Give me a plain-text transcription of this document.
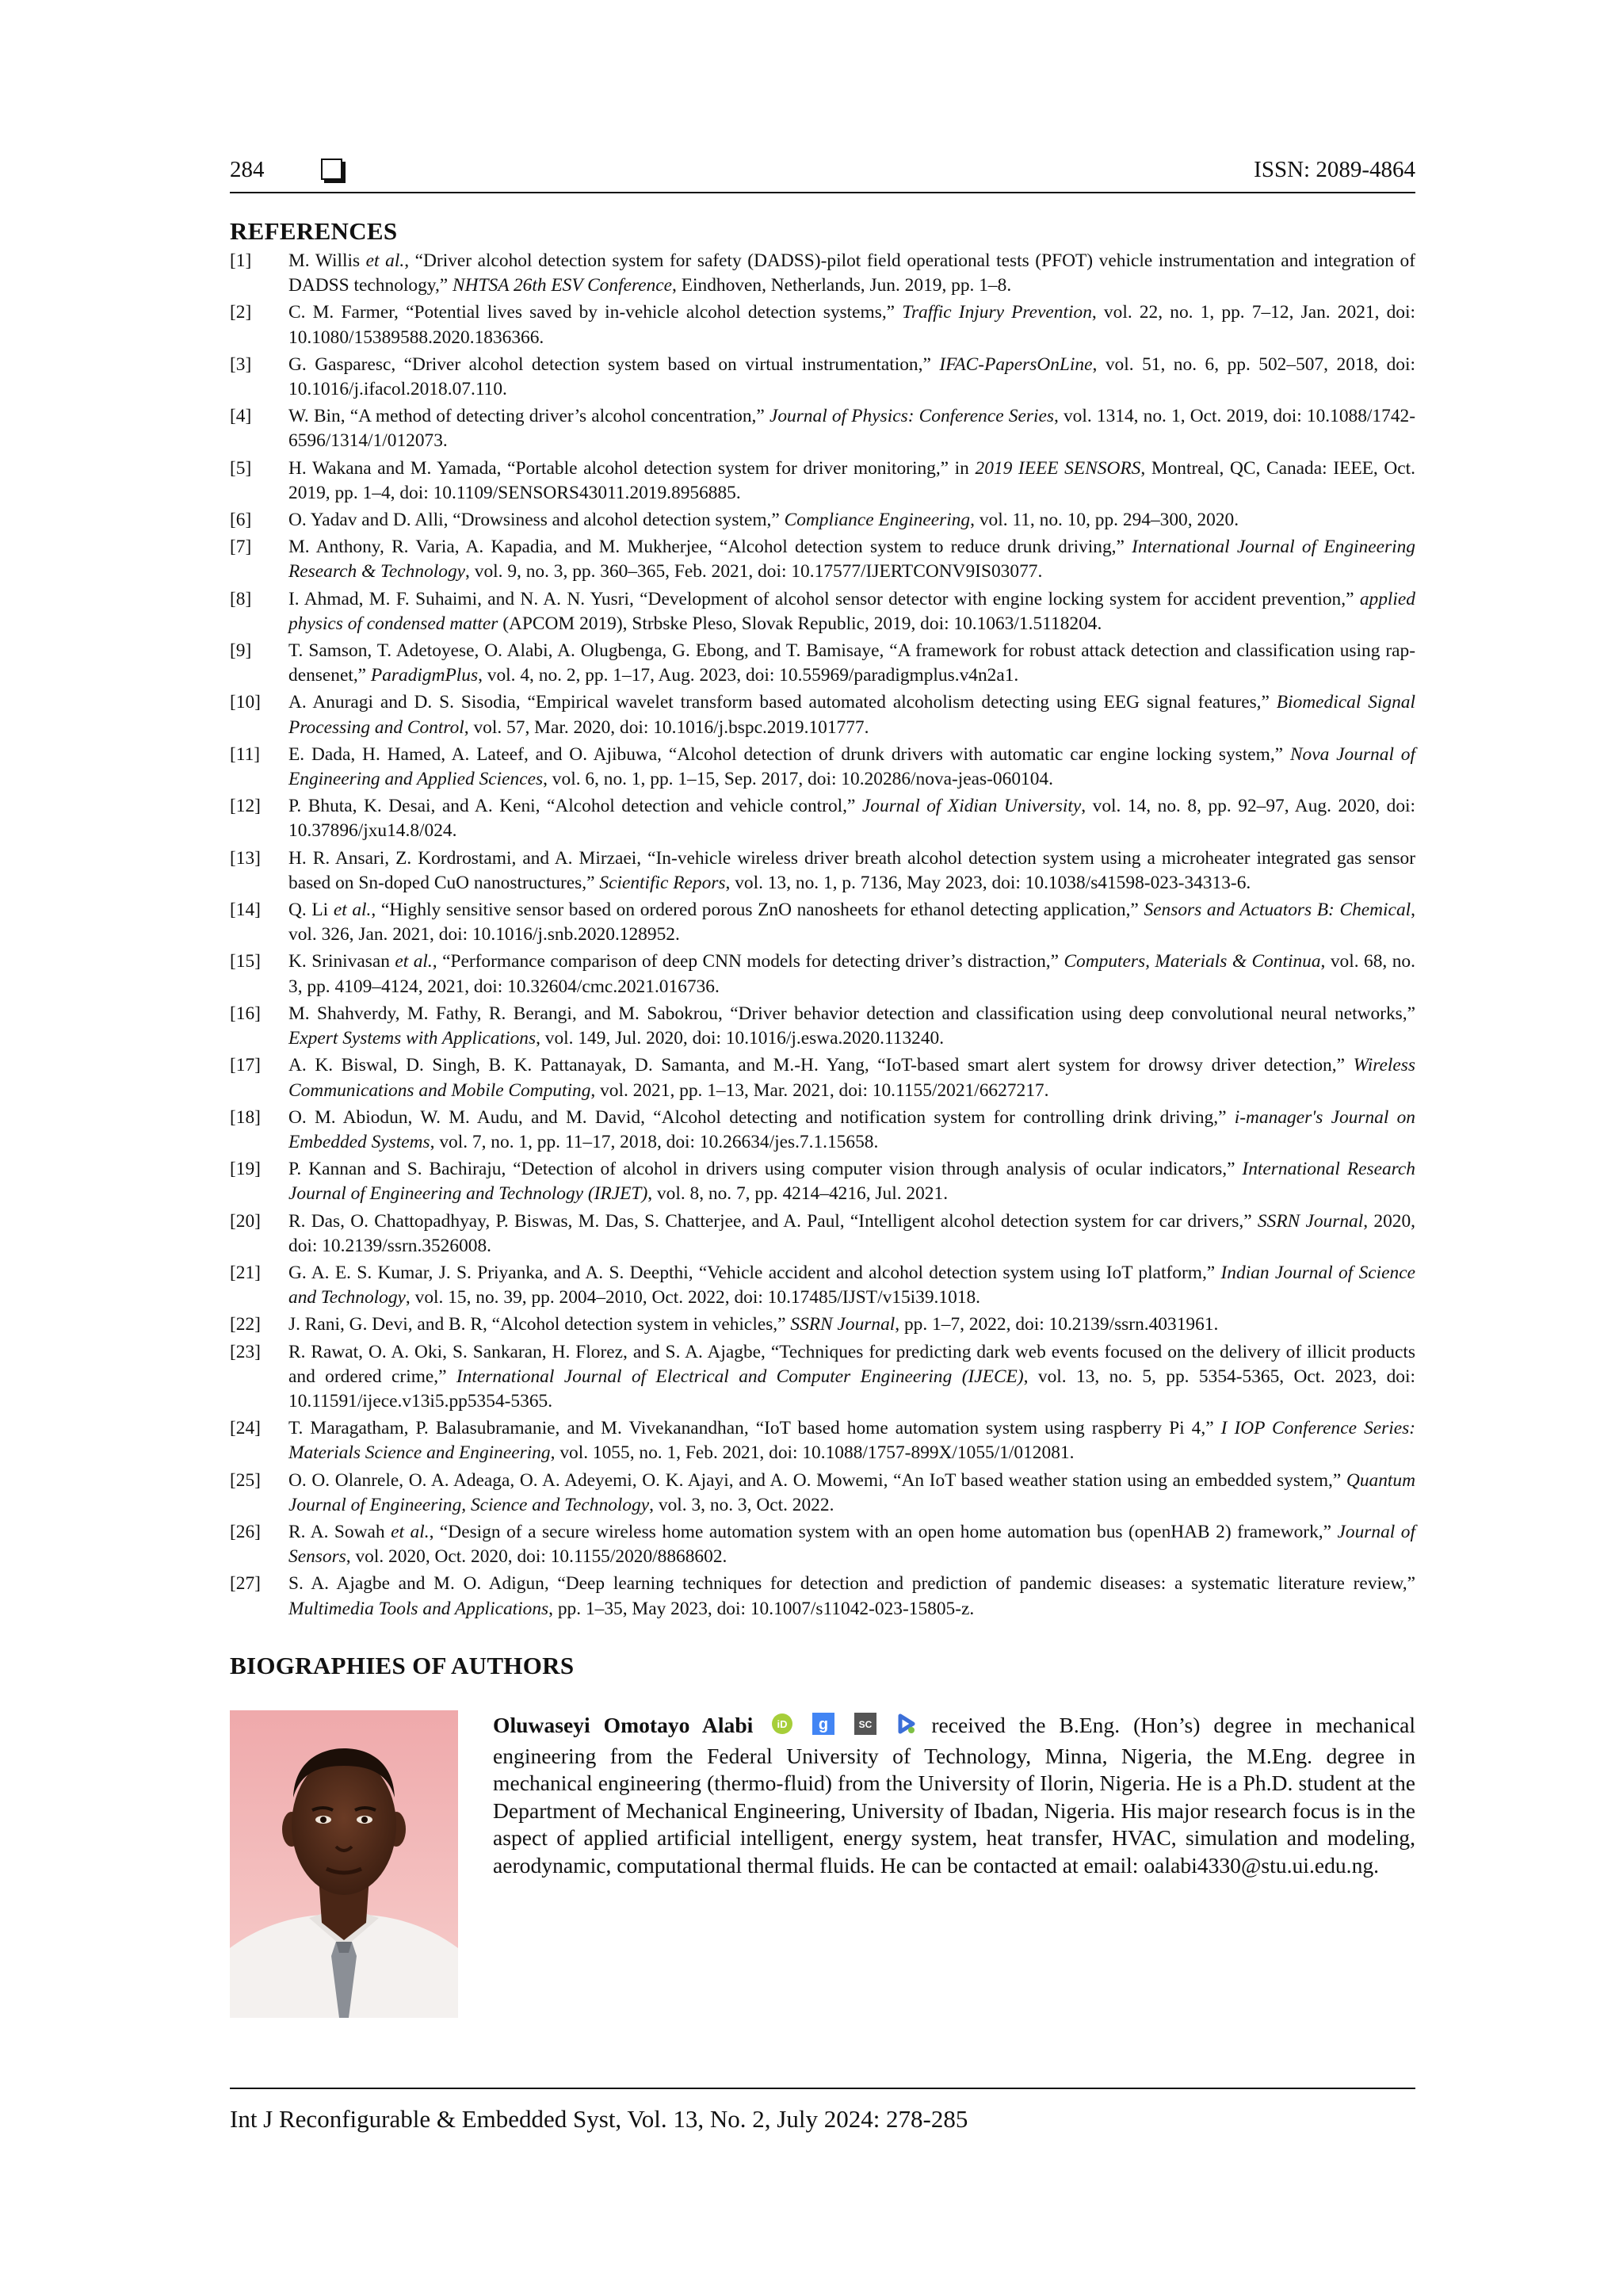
284	ISSN: 2089-4864
REFERENCES
[1] M. Willis et al., “Driver alcohol detection system for safety (DADSS)-pilot field operational tests (PFOT) vehicle instrumentation and integration of DADSS technology,” NHTSA 26th ESV Conference, Eindhoven, Netherlands, Jun. 2019, pp. 1–8.
[2] C. M. Farmer, “Potential lives saved by in-vehicle alcohol detection systems,” Traffic Injury Prevention, vol. 22, no. 1, pp. 7–12, Jan. 2021, doi: 10.1080/15389588.2020.1836366.
[3] G. Gasparesc, “Driver alcohol detection system based on virtual instrumentation,” IFAC-PapersOnLine, vol. 51, no. 6, pp. 502–507, 2018, doi: 10.1016/j.ifacol.2018.07.110.
[4] W. Bin, “A method of detecting driver’s alcohol concentration,” Journal of Physics: Conference Series, vol. 1314, no. 1, Oct. 2019, doi: 10.1088/1742-6596/1314/1/012073.
[5] H. Wakana and M. Yamada, “Portable alcohol detection system for driver monitoring,” in 2019 IEEE SENSORS, Montreal, QC, Canada: IEEE, Oct. 2019, pp. 1–4, doi: 10.1109/SENSORS43011.2019.8956885.
[6] O. Yadav and D. Alli, “Drowsiness and alcohol detection system,” Compliance Engineering, vol. 11, no. 10, pp. 294–300, 2020.
[7] M. Anthony, R. Varia, A. Kapadia, and M. Mukherjee, “Alcohol detection system to reduce drunk driving,” International Journal of Engineering Research & Technology, vol. 9, no. 3, pp. 360–365, Feb. 2021, doi: 10.17577/IJERTCONV9IS03077.
[8] I. Ahmad, M. F. Suhaimi, and N. A. N. Yusri, “Development of alcohol sensor detector with engine locking system for accident prevention,” applied physics of condensed matter (APCOM 2019), Strbske Pleso, Slovak Republic, 2019, doi: 10.1063/1.5118204.
[9] T. Samson, T. Adetoyese, O. Alabi, A. Olugbenga, G. Ebong, and T. Bamisaye, “A framework for robust attack detection and classification using rap-densenet,” ParadigmPlus, vol. 4, no. 2, pp. 1–17, Aug. 2023, doi: 10.55969/paradigmplus.v4n2a1.
[10] A. Anuragi and D. S. Sisodia, “Empirical wavelet transform based automated alcoholism detecting using EEG signal features,” Biomedical Signal Processing and Control, vol. 57, Mar. 2020, doi: 10.1016/j.bspc.2019.101777.
[11] E. Dada, H. Hamed, A. Lateef, and O. Ajibuwa, “Alcohol detection of drunk drivers with automatic car engine locking system,” Nova Journal of Engineering and Applied Sciences, vol. 6, no. 1, pp. 1–15, Sep. 2017, doi: 10.20286/nova-jeas-060104.
[12] P. Bhuta, K. Desai, and A. Keni, “Alcohol detection and vehicle control,” Journal of Xidian University, vol. 14, no. 8, pp. 92–97, Aug. 2020, doi: 10.37896/jxu14.8/024.
[13] H. R. Ansari, Z. Kordrostami, and A. Mirzaei, “In-vehicle wireless driver breath alcohol detection system using a microheater integrated gas sensor based on Sn-doped CuO nanostructures,” Scientific Repors, vol. 13, no. 1, p. 7136, May 2023, doi: 10.1038/s41598-023-34313-6.
[14] Q. Li et al., “Highly sensitive sensor based on ordered porous ZnO nanosheets for ethanol detecting application,” Sensors and Actuators B: Chemical, vol. 326, Jan. 2021, doi: 10.1016/j.snb.2020.128952.
[15] K. Srinivasan et al., “Performance comparison of deep CNN models for detecting driver’s distraction,” Computers, Materials & Continua, vol. 68, no. 3, pp. 4109–4124, 2021, doi: 10.32604/cmc.2021.016736.
[16] M. Shahverdy, M. Fathy, R. Berangi, and M. Sabokrou, “Driver behavior detection and classification using deep convolutional neural networks,” Expert Systems with Applications, vol. 149, Jul. 2020, doi: 10.1016/j.eswa.2020.113240.
[17] A. K. Biswal, D. Singh, B. K. Pattanayak, D. Samanta, and M.-H. Yang, “IoT-based smart alert system for drowsy driver detection,” Wireless Communications and Mobile Computing, vol. 2021, pp. 1–13, Mar. 2021, doi: 10.1155/2021/6627217.
[18] O. M. Abiodun, W. M. Audu, and M. David, “Alcohol detecting and notification system for controlling drink driving,” i-manager's Journal on Embedded Systems, vol. 7, no. 1, pp. 11–17, 2018, doi: 10.26634/jes.7.1.15658.
[19] P. Kannan and S. Bachiraju, “Detection of alcohol in drivers using computer vision through analysis of ocular indicators,” International Research Journal of Engineering and Technology (IRJET), vol. 8, no. 7, pp. 4214–4216, Jul. 2021.
[20] R. Das, O. Chattopadhyay, P. Biswas, M. Das, S. Chatterjee, and A. Paul, “Intelligent alcohol detection system for car drivers,” SSRN Journal, 2020, doi: 10.2139/ssrn.3526008.
[21] G. A. E. S. Kumar, J. S. Priyanka, and A. S. Deepthi, “Vehicle accident and alcohol detection system using IoT platform,” Indian Journal of Science and Technology, vol. 15, no. 39, pp. 2004–2010, Oct. 2022, doi: 10.17485/IJST/v15i39.1018.
[22] J. Rani, G. Devi, and B. R, “Alcohol detection system in vehicles,” SSRN Journal, pp. 1–7, 2022, doi: 10.2139/ssrn.4031961.
[23] R. Rawat, O. A. Oki, S. Sankaran, H. Florez, and S. A. Ajagbe, “Techniques for predicting dark web events focused on the delivery of illicit products and ordered crime,” International Journal of Electrical and Computer Engineering (IJECE), vol. 13, no. 5, pp. 5354-5365, Oct. 2023, doi: 10.11591/ijece.v13i5.pp5354-5365.
[24] T. Maragatham, P. Balasubramanie, and M. Vivekanandhan, “IoT based home automation system using raspberry Pi 4,” I IOP Conference Series: Materials Science and Engineering, vol. 1055, no. 1, Feb. 2021, doi: 10.1088/1757-899X/1055/1/012081.
[25] O. O. Olanrele, O. A. Adeaga, O. A. Adeyemi, O. K. Ajayi, and A. O. Mowemi, “An IoT based weather station using an embedded system,” Quantum Journal of Engineering, Science and Technology, vol. 3, no. 3, Oct. 2022.
[26] R. A. Sowah et al., “Design of a secure wireless home automation system with an open home automation bus (openHAB 2) framework,” Journal of Sensors, vol. 2020, Oct. 2020, doi: 10.1155/2020/8868602.
[27] S. A. Ajagbe and M. O. Adigun, “Deep learning techniques for detection and prediction of pandemic diseases: a systematic literature review,” Multimedia Tools and Applications, pp. 1–35, May 2023, doi: 10.1007/s11042-023-15805-z.
BIOGRAPHIES OF AUTHORS
Oluwaseyi Omotayo Alabi iD
g
	SC	received the B.Eng. (Hon’s) degree in mechanical engineering from the Federal University of Technology, Minna, Nigeria, the M.Eng. degree in mechanical engineering (thermo-fluid) from the University of Ilorin, Nigeria. He is a Ph.D. student at the Department of Mechanical Engineering, University of Ibadan, Nigeria. His major research focus is in the aspect of applied artificial intelligent, energy system, heat transfer, HVAC, simulation and modeling, aerodynamic, computational thermal fluids. He can be contacted at email: oalabi4330@stu.ui.edu.ng.
Int J Reconfigurable & Embedded Syst, Vol. 13, No. 2, July 2024: 278-285
